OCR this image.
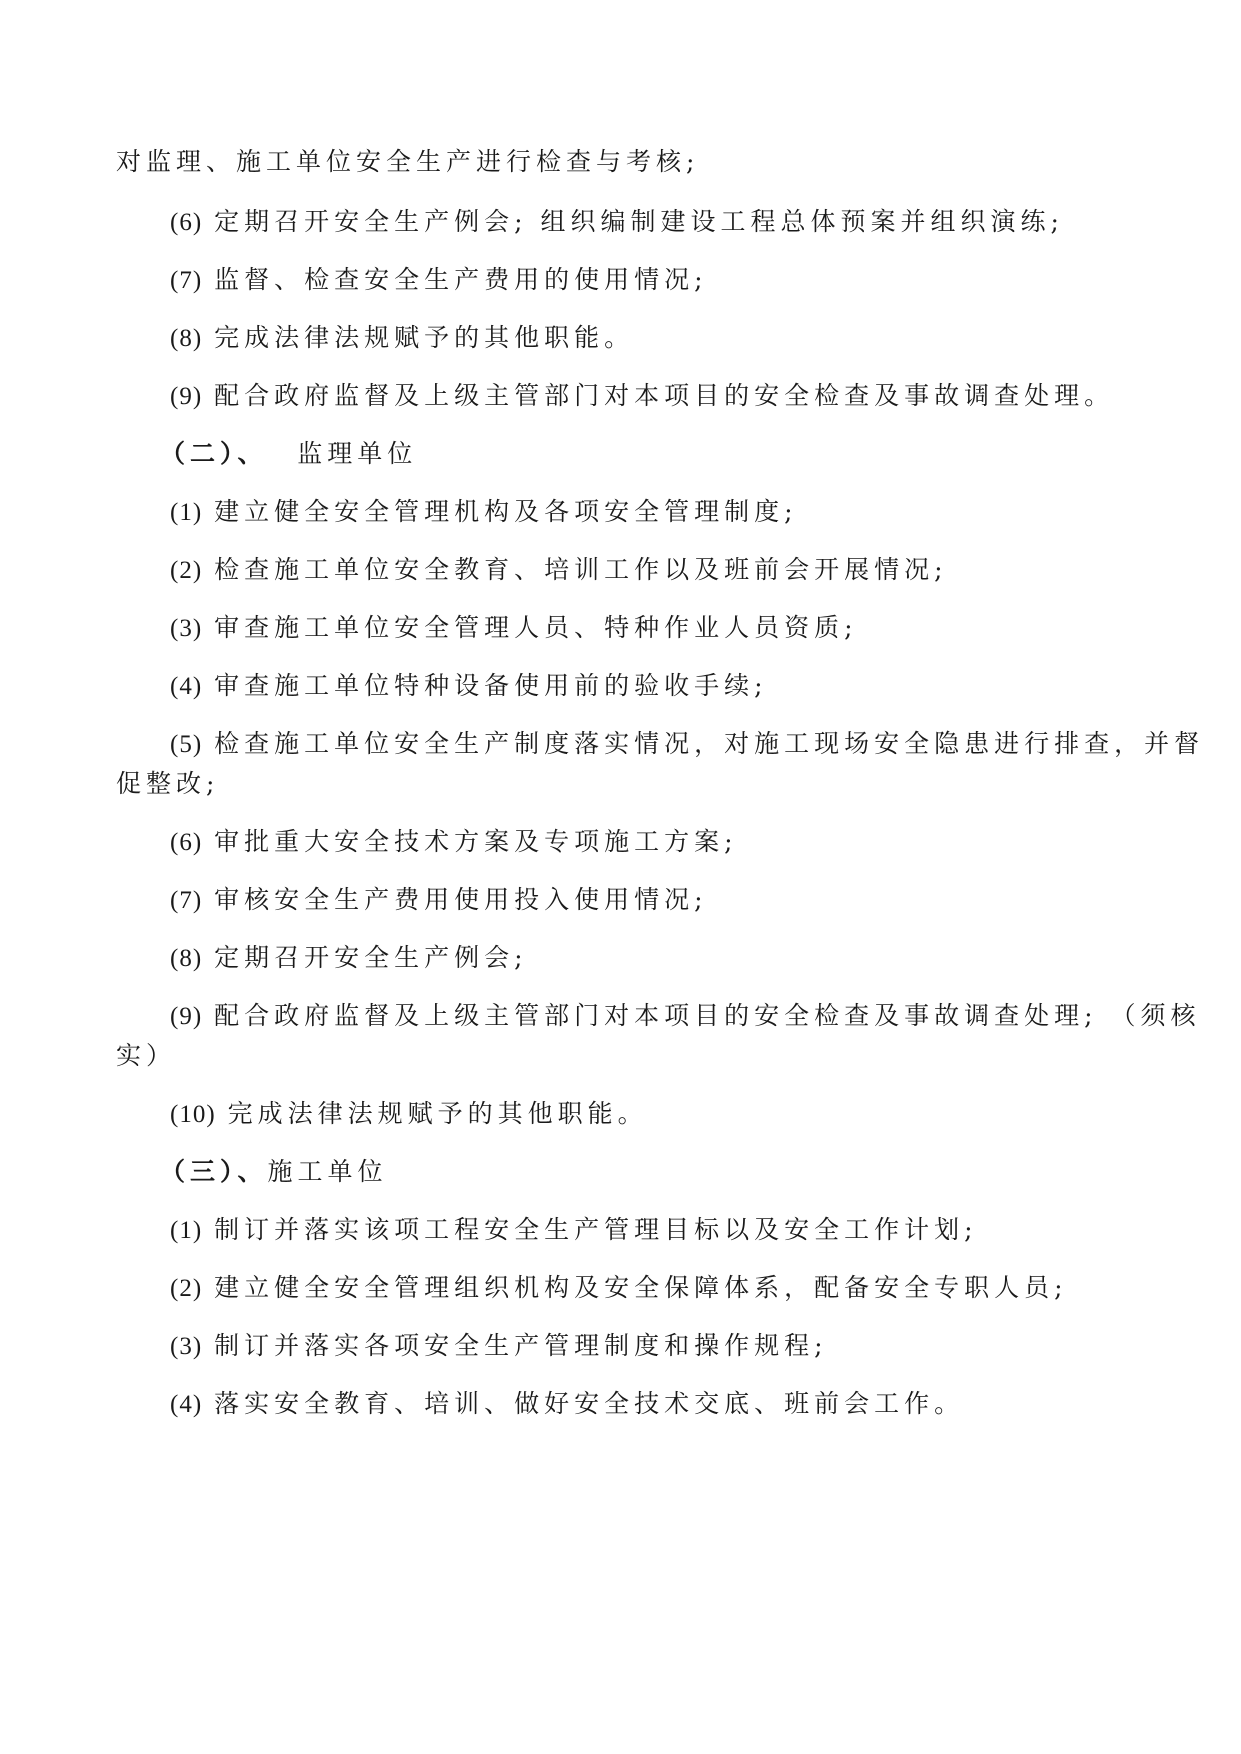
对监理、施工单位安全生产进行检查与考核;
(6) 定期召开安全生产例会; 组织编制建设工程总体预案并组织演练;
(7) 监督、检查安全生产费用的使用情况;
(8) 完成法律法规赋予的其他职能。
(9) 配合政府监督及上级主管部门对本项目的安全检查及事故调查处理。
（二）、 监理单位
(1) 建立健全安全管理机构及各项安全管理制度;
(2) 检查施工单位安全教育、培训工作以及班前会开展情况;
(3) 审查施工单位安全管理人员、特种作业人员资质;
(4) 审查施工单位特种设备使用前的验收手续;
(5) 检查施工单位安全生产制度落实情况，对施工现场安全隐患进行排查，并督
促整改;
(6) 审批重大安全技术方案及专项施工方案;
(7) 审核安全生产费用使用投入使用情况;
(8) 定期召开安全生产例会;
(9) 配合政府监督及上级主管部门对本项目的安全检查及事故调查处理; （须核
实）
(10) 完成法律法规赋予的其他职能。
（三）、施工单位
(1) 制订并落实该项工程安全生产管理目标以及安全工作计划;
(2) 建立健全安全管理组织机构及安全保障体系，配备安全专职人员;
(3) 制订并落实各项安全生产管理制度和操作规程;
(4) 落实安全教育、培训、做好安全技术交底、班前会工作。
